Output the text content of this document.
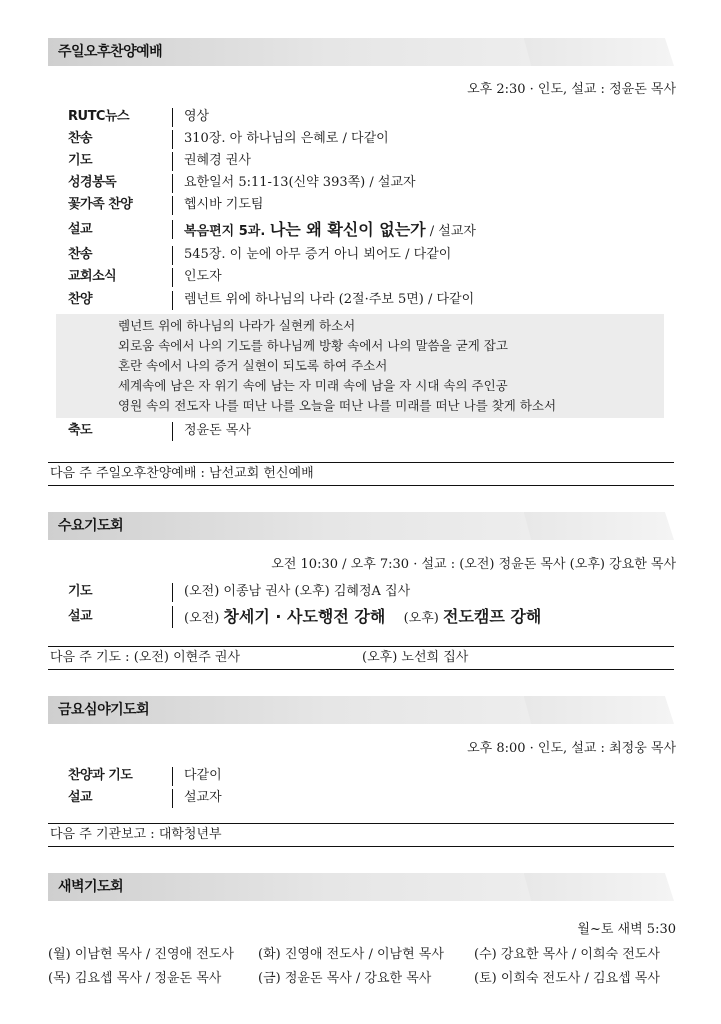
주일오후찬양예배
오후 2:30 · 인도, 설교 : 정윤돈 목사
RUTC뉴스	영상
찬송	310장. 아 하나님의 은혜로 / 다같이
기도	권혜경 권사
성경봉독	요한일서 5:11-13(신약 393쪽) / 설교자
꽃가족 찬양	헵시바 기도팀
설교	복음편지 5과. 나는 왜 확신이 없는가 / 설교자
찬송	545장. 이 눈에 아무 증거 아니 뵈어도 / 다같이
교회소식	인도자
찬양	렘넌트 위에 하나님의 나라 (2절·주보 5면) / 다같이
렘넌트 위에 하나님의 나라가 실현케 하소서
외로움 속에서 나의 기도를 하나님께 방황 속에서 나의 말씀을 굳게 잡고
혼란 속에서 나의 증거 실현이 되도록 하여 주소서
세계속에 남은 자 위기 속에 남는 자 미래 속에 남을 자 시대 속의 주인공
영원 속의 전도자 나를 떠난 나를 오늘을 떠난 나를 미래를 떠난 나를 찾게 하소서
축도	정윤돈 목사
다음 주 주일오후찬양예배 : 남선교회 헌신예배
수요기도회
오전 10:30 / 오후 7:30 · 설교 : (오전) 정윤돈 목사 (오후) 강요한 목사
기도	(오전) 이종남 권사 (오후) 김혜정A 집사
설교	(오전) 창세기 · 사도행전 강해 (오후) 전도캠프 강해
다음 주 기도 : (오전) 이현주 권사	(오후) 노선희 집사
금요심야기도회
오후 8:00 · 인도, 설교 : 최정웅 목사
찬양과 기도	다같이
설교	설교자
다음 주 기관보고 : 대학청년부
새벽기도회
월~토 새벽 5:30
(월) 이남현 목사 / 진영애 전도사 (화) 진영애 전도사 / 이남현 목사 (수) 강요한 목사 / 이희숙 전도사
(목) 김요셉 목사 / 정윤돈 목사	(금) 정윤돈 목사 / 강요한 목사	(토) 이희숙 전도사 / 김요셉 목사
